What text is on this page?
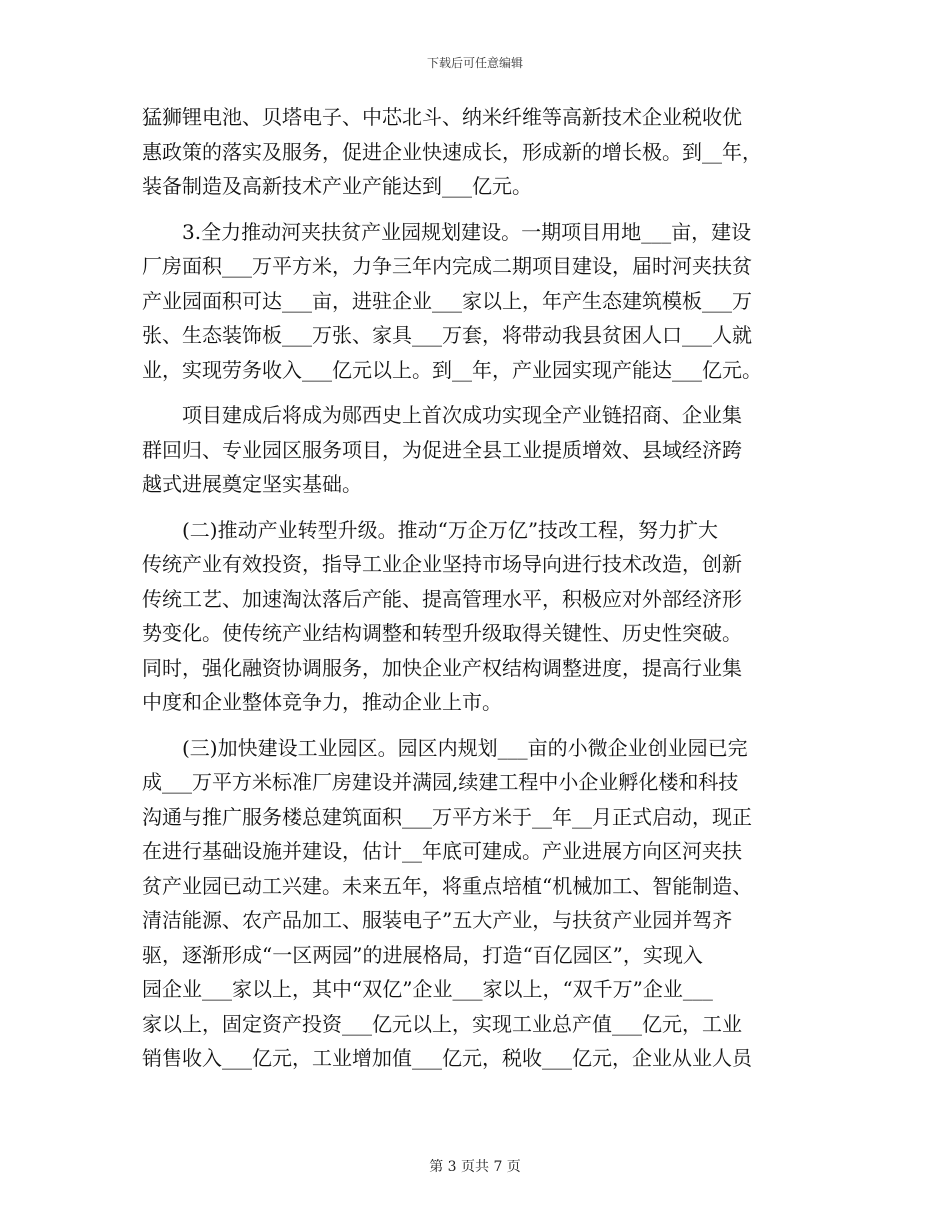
下载后可任意编辑

猛狮锂电池、贝塔电子、中芯北斗、纳米纤维等高新技术企业税收优
惠政策的落实及服务，促进企业快速成长，形成新的增长极。到__年，
装备制造及高新技术产业产能达到___亿元。

3.全力推动河夹扶贫产业园规划建设。一期项目用地___亩，建设
厂房面积___万平方米，力争三年内完成二期项目建设，届时河夹扶贫
产业园面积可达___亩，进驻企业___家以上，年产生态建筑模板___万
张、生态装饰板___万张、家具___万套，将带动我县贫困人口___人就
业，实现劳务收入___亿元以上。到__年，产业园实现产能达___亿元。

项目建成后将成为郧西史上首次成功实现全产业链招商、企业集
群回归、专业园区服务项目，为促进全县工业提质增效、县域经济跨
越式进展奠定坚实基础。

(二)推动产业转型升级。推动“万企万亿”技改工程，努力扩大
传统产业有效投资，指导工业企业坚持市场导向进行技术改造，创新
传统工艺、加速淘汰落后产能、提高管理水平，积极应对外部经济形
势变化。使传统产业结构调整和转型升级取得关键性、历史性突破。
同时，强化融资协调服务，加快企业产权结构调整进度，提高行业集
中度和企业整体竞争力，推动企业上市。

(三)加快建设工业园区。园区内规划___亩的小微企业创业园已完
成___万平方米标准厂房建设并满园,续建工程中小企业孵化楼和科技
沟通与推广服务楼总建筑面积___万平方米于__年__月正式启动，现正
在进行基础设施并建设，估计__年底可建成。产业进展方向区河夹扶
贫产业园已动工兴建。未来五年，将重点培植“机械加工、智能制造、
清洁能源、农产品加工、服装电子”五大产业，与扶贫产业园并驾齐
驱，逐渐形成“一区两园”的进展格局，打造“百亿园区”，实现入
园企业___家以上，其中“双亿”企业___家以上，“双千万”企业___
家以上，固定资产投资___亿元以上，实现工业总产值___亿元，工业
销售收入___亿元，工业增加值___亿元，税收___亿元，企业从业人员

第 3 页共 7 页
